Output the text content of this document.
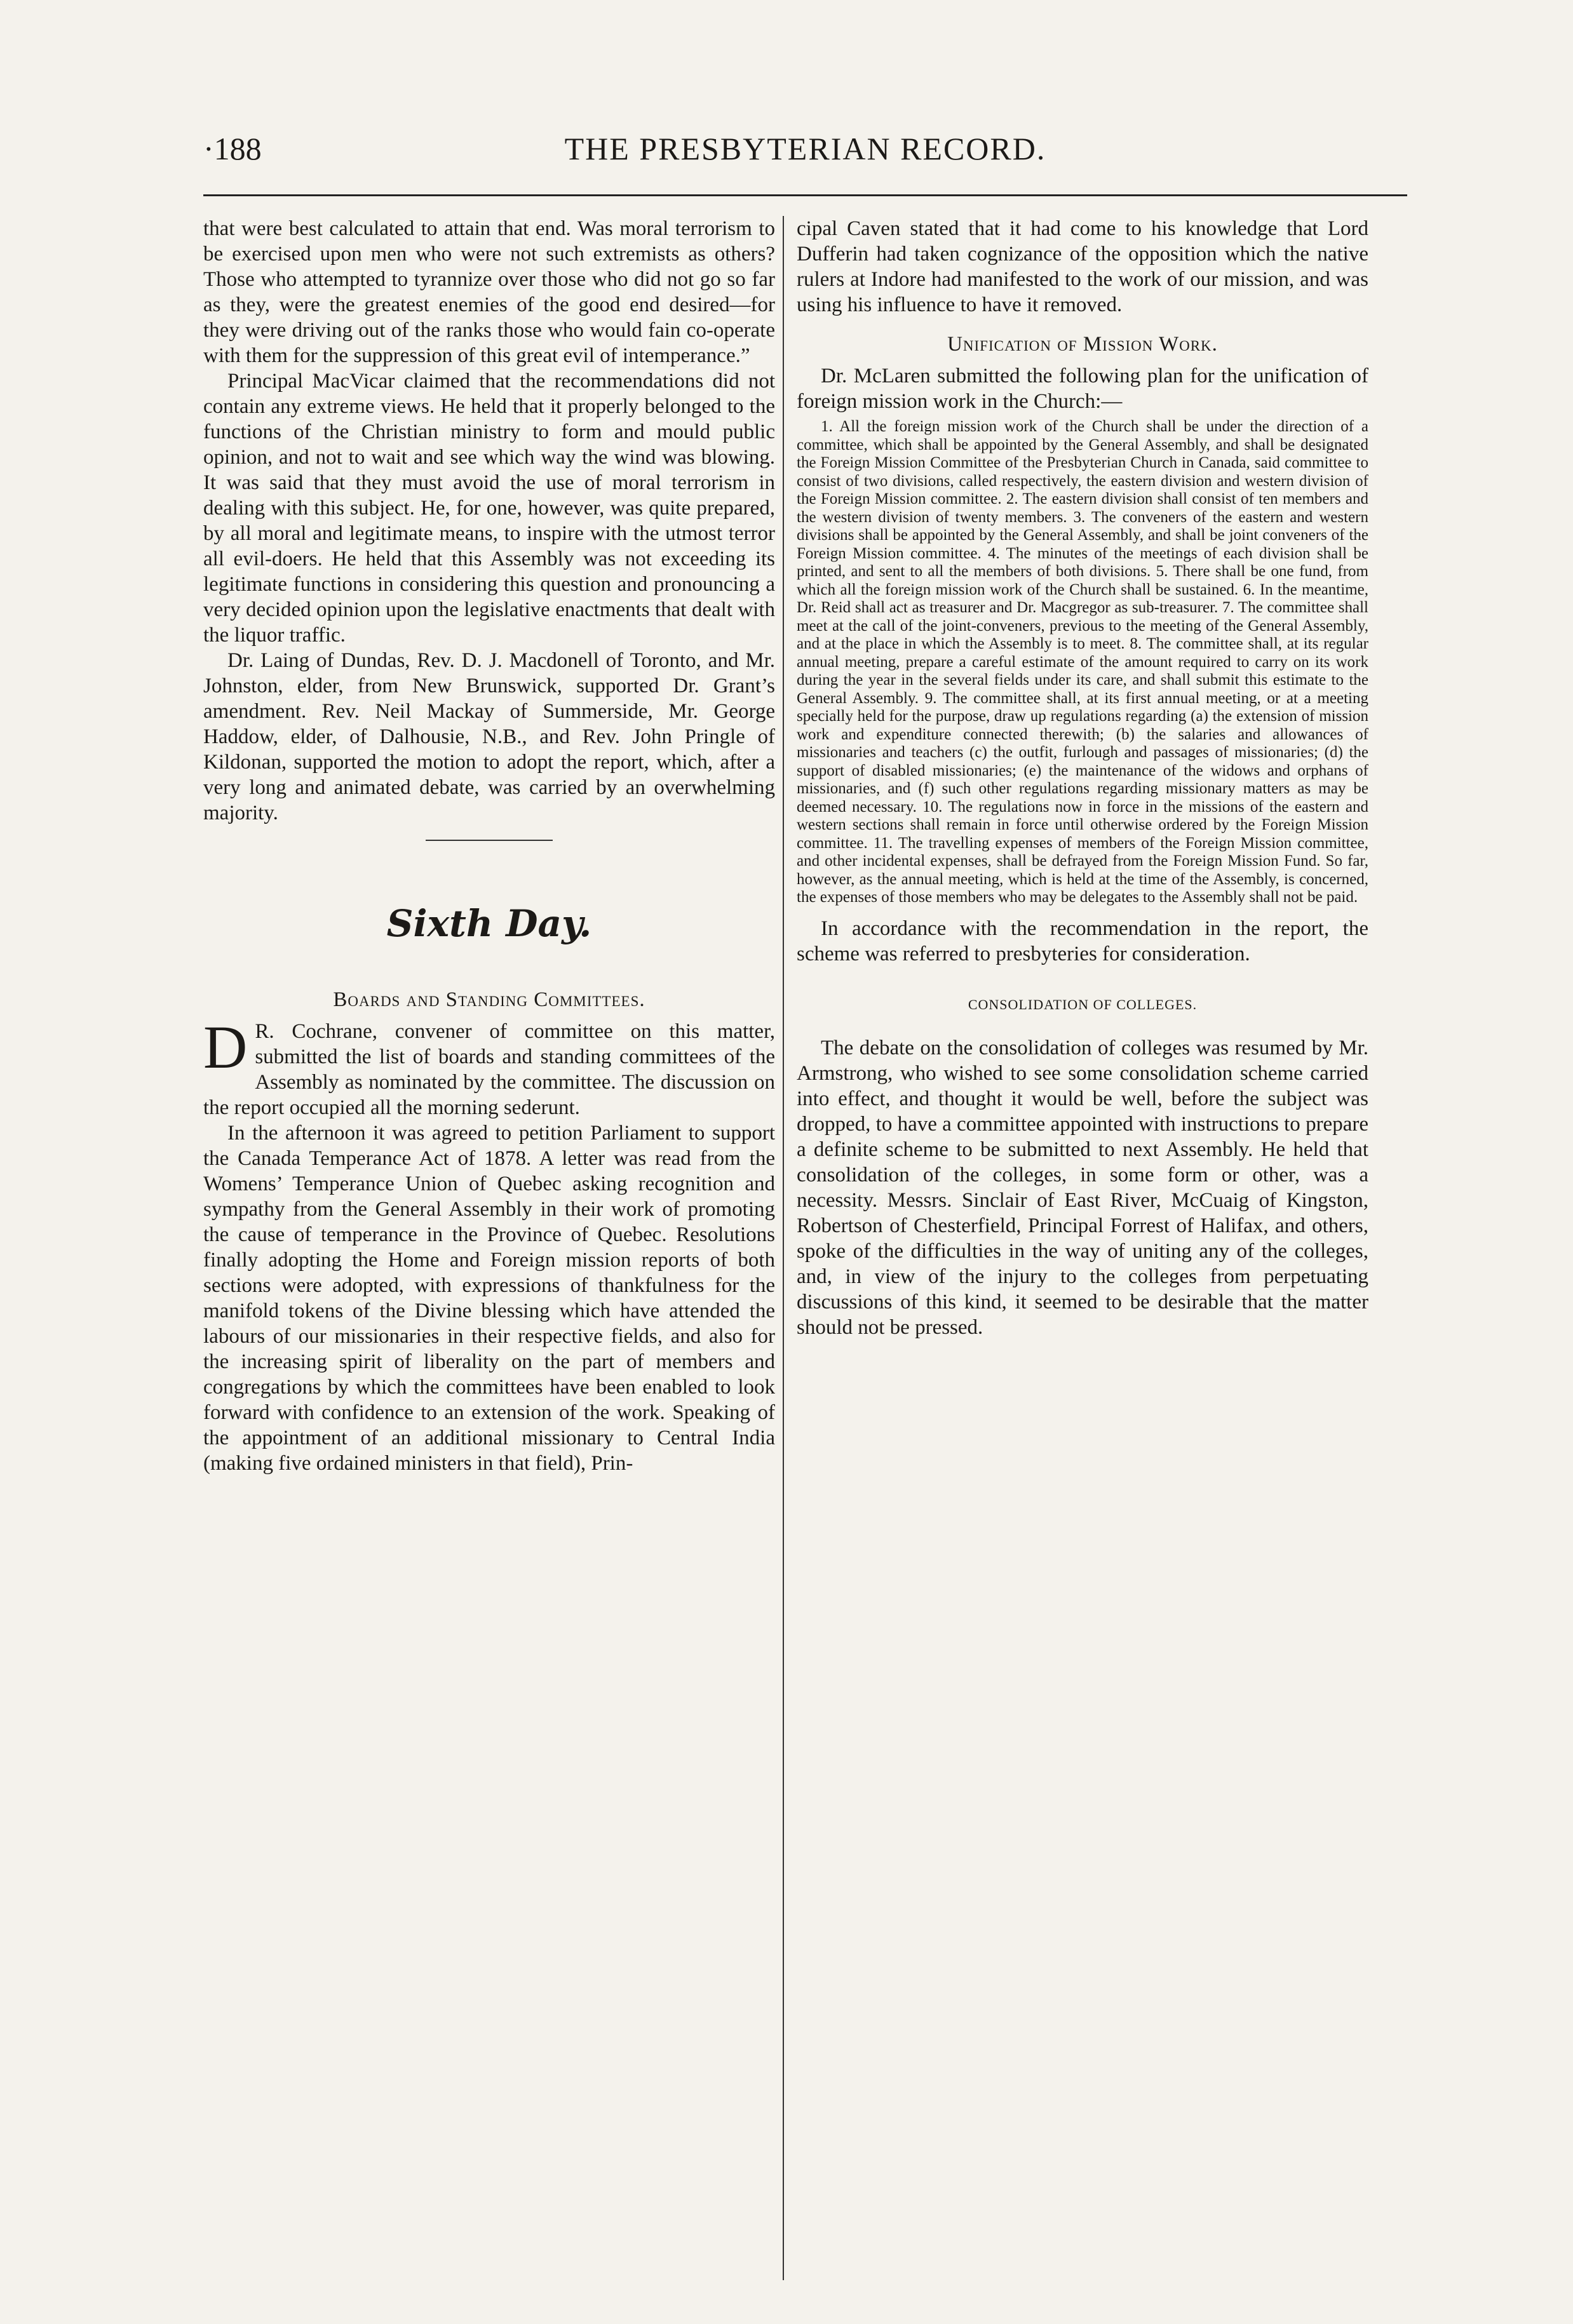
·188	THE PRESBYTERIAN RECORD.

that were best calculated to attain that end. Was moral terrorism to be exercised upon men who were not such extremists as others? Those who attempted to tyrannize over those who did not go so far as they, were the greatest enemies of the good end desired—for they were driving out of the ranks those who would fain co-operate with them for the suppression of this great evil of intemperance.”

Principal MacVicar claimed that the recommendations did not contain any extreme views. He held that it properly belonged to the functions of the Christian ministry to form and mould public opinion, and not to wait and see which way the wind was blowing. It was said that they must avoid the use of moral terrorism in dealing with this subject. He, for one, however, was quite prepared, by all moral and legitimate means, to inspire with the utmost terror all evil-doers. He held that this Assembly was not exceeding its legitimate functions in considering this question and pronouncing a very decided opinion upon the legislative enactments that dealt with the liquor traffic.

Dr. Laing of Dundas, Rev. D. J. Macdonell of Toronto, and Mr. Johnston, elder, from New Brunswick, supported Dr. Grant’s amendment. Rev. Neil Mackay of Summerside, Mr. George Haddow, elder, of Dalhousie, N.B., and Rev. John Pringle of Kildonan, supported the motion to adopt the report, which, after a very long and animated debate, was carried by an overwhelming majority.

Sixth Day.
Boards and Standing Committees.

D R. Cochrane, convener of committee on this matter, submitted the list of boards and standing committees of the Assembly as nominated by the committee. The discussion on the report occupied all the morning sederunt.

In the afternoon it was agreed to petition Parliament to support the Canada Temperance Act of 1878. A letter was read from the Womens’ Temperance Union of Quebec asking recognition and sympathy from the General Assembly in their work of promoting the cause of temperance in the Province of Quebec. Resolutions finally adopting the Home and Foreign mission reports of both sections were adopted, with expressions of thankfulness for the manifold tokens of the Divine blessing which have attended the labours of our missionaries in their respective fields, and also for the increasing spirit of liberality on the part of members and congregations by which the committees have been enabled to look forward with confidence to an extension of the work. Speaking of the appointment of an additional missionary to Central India (making five ordained ministers in that field), Prin-

cipal Caven stated that it had come to his knowledge that Lord Dufferin had taken cognizance of the opposition which the native rulers at Indore had manifested to the work of our mission, and was using his influence to have it removed.

Unification of Mission Work.

Dr. McLaren submitted the following plan for the unification of foreign mission work in the Church:—

1. All the foreign mission work of the Church shall be under the direction of a committee, which shall be appointed by the General Assembly, and shall be designated the Foreign Mission Committee of the Presbyterian Church in Canada, said committee to consist of two divisions, called respectively, the eastern division and western division of the Foreign Mission committee. 2. The eastern division shall consist of ten members and the western division of twenty members. 3. The conveners of the eastern and western divisions shall be appointed by the General Assembly, and shall be joint conveners of the Foreign Mission committee. 4. The minutes of the meetings of each division shall be printed, and sent to all the members of both divisions. 5. There shall be one fund, from which all the foreign mission work of the Church shall be sustained. 6. In the meantime, Dr. Reid shall act as treasurer and Dr. Macgregor as sub-treasurer. 7. The committee shall meet at the call of the joint-conveners, previous to the meeting of the General Assembly, and at the place in which the Assembly is to meet. 8. The committee shall, at its regular annual meeting, prepare a careful estimate of the amount required to carry on its work during the year in the several fields under its care, and shall submit this estimate to the General Assembly. 9. The committee shall, at its first annual meeting, or at a meeting specially held for the purpose, draw up regulations regarding (a) the extension of mission work and expenditure connected therewith; (b) the salaries and allowances of missionaries and teachers (c) the outfit, furlough and passages of missionaries; (d) the support of disabled missionaries; (e) the maintenance of the widows and orphans of missionaries, and (f) such other regulations regarding missionary matters as may be deemed necessary. 10. The regulations now in force in the missions of the eastern and western sections shall remain in force until otherwise ordered by the Foreign Mission committee. 11. The travelling expenses of members of the Foreign Mission committee, and other incidental expenses, shall be defrayed from the Foreign Mission Fund. So far, however, as the annual meeting, which is held at the time of the Assembly, is concerned, the expenses of those members who may be delegates to the Assembly shall not be paid.

In accordance with the recommendation in the report, the scheme was referred to presbyteries for consideration.

CONSOLIDATION OF COLLEGES.

The debate on the consolidation of colleges was resumed by Mr. Armstrong, who wished to see some consolidation scheme carried into effect, and thought it would be well, before the subject was dropped, to have a committee appointed with instructions to prepare a definite scheme to be submitted to next Assembly. He held that consolidation of the colleges, in some form or other, was a necessity. Messrs. Sinclair of East River, McCuaig of Kingston, Robertson of Chesterfield, Principal Forrest of Halifax, and others, spoke of the difficulties in the way of uniting any of the colleges, and, in view of the injury to the colleges from perpetuating discussions of this kind, it seemed to be desirable that the matter should not be pressed.
